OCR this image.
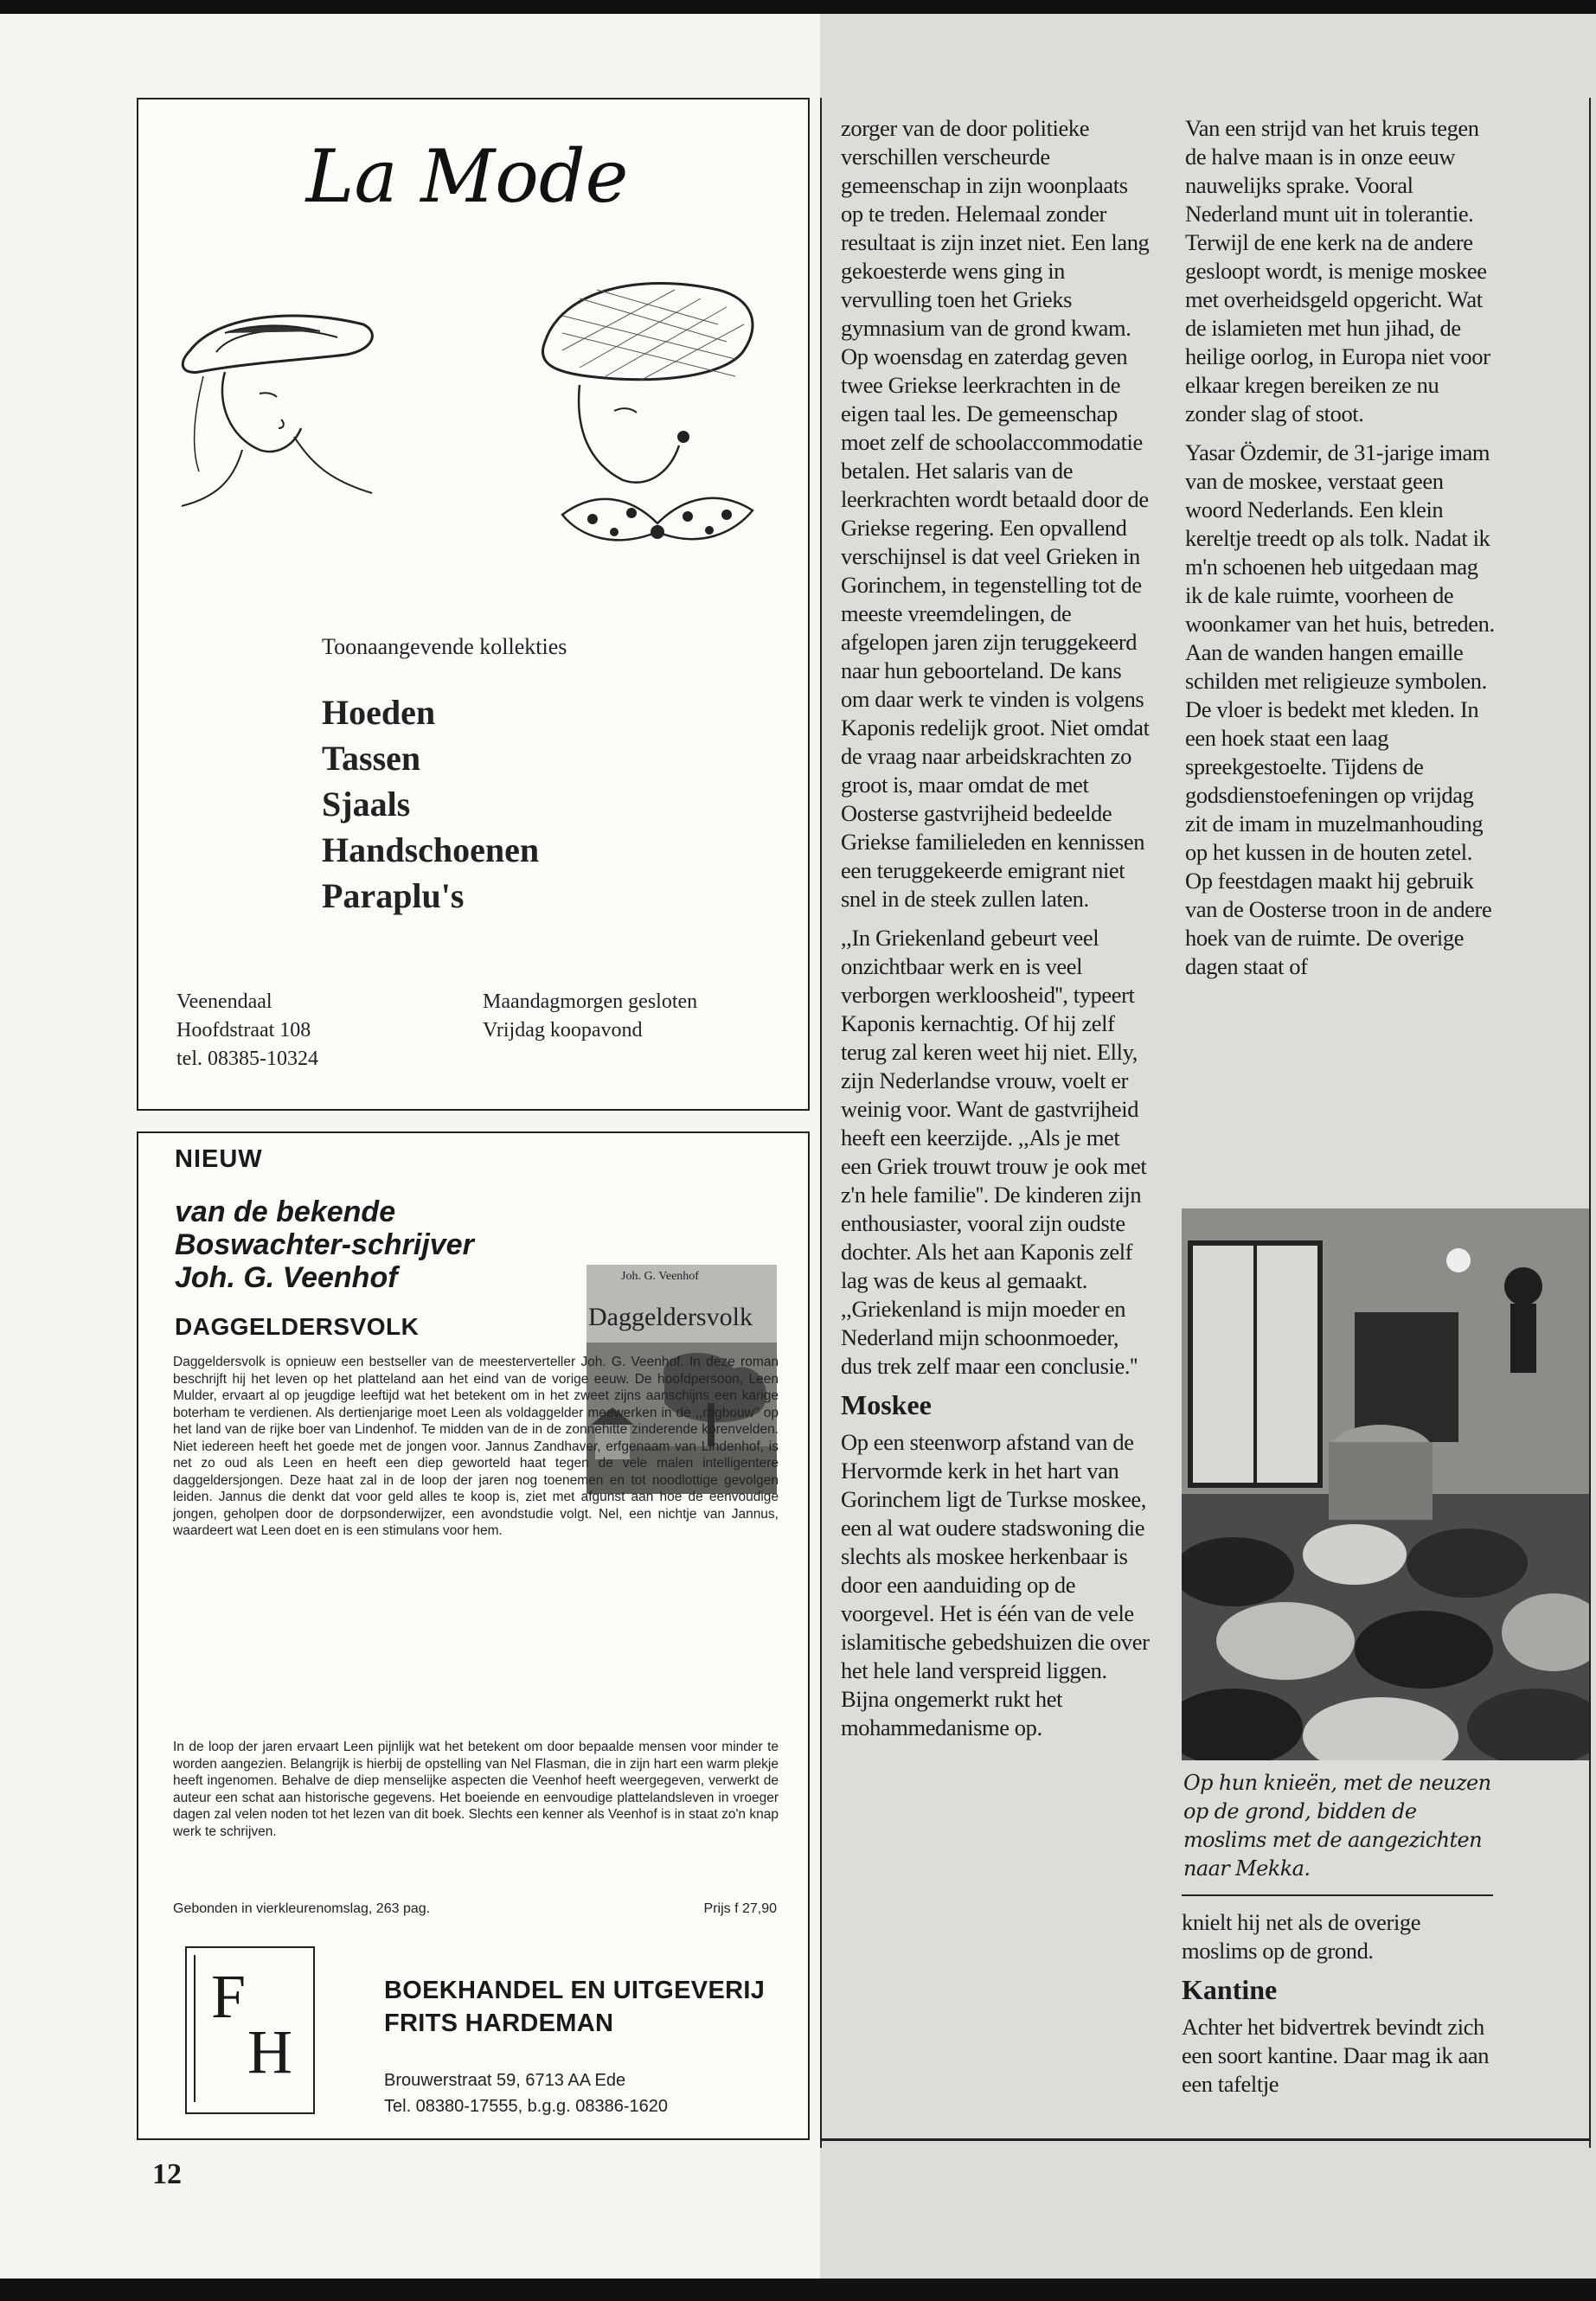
La Mode
Toonaangevende kollekties
Hoeden
Tassen
Sjaals
Handschoenen
Paraplu's
Veenendaal
Hoofdstraat 108
tel. 08385-10324
Maandagmorgen gesloten
Vrijdag koopavond
NIEUW
van de bekende
Boswachter-schrijver
Joh. G. Veenhof
DAGGELDERSVOLK
Joh. G. Veenhof
Daggeldersvolk
Daggeldersvolk is opnieuw een bestseller van de meesterverteller Joh. G. Veenhof. In deze roman beschrijft hij het leven op het platteland aan het eind van de vorige eeuw. De hoofdpersoon, Leen Mulder, ervaart al op jeugdige leeftijd wat het betekent om in het zweet zijns aanschijns een karige boterham te verdienen. Als dertienjarige moet Leen als voldaggelder meewerken in de ,,rogbouw'' op het land van de rijke boer van Lindenhof. Te midden van de in de zonnehitte zinderende korenvelden. Niet iedereen heeft het goede met de jongen voor. Jannus Zandhaver, erfgenaam van Lindenhof, is net zo oud als Leen en heeft een diep geworteld haat tegen de vele malen intelligentere daggeldersjongen. Deze haat zal in de loop der jaren nog toenemen en tot noodlottige gevolgen leiden. Jannus die denkt dat voor geld alles te koop is, ziet met afgunst aan hoe de eenvoudige jongen, geholpen door de dorpsonderwijzer, een avondstudie volgt. Nel, een nichtje van Jannus, waardeert wat Leen doet en is een stimulans voor hem.
In de loop der jaren ervaart Leen pijnlijk wat het betekent om door bepaalde mensen voor minder te worden aangezien. Belangrijk is hierbij de opstelling van Nel Flasman, die in zijn hart een warm plekje heeft ingenomen. Behalve de diep menselijke aspecten die Veenhof heeft weergegeven, verwerkt de auteur een schat aan historische gegevens. Het boeiende en eenvoudige plattelandsleven in vroeger dagen zal velen noden tot het lezen van dit boek. Slechts een kenner als Veenhof is in staat zo'n knap werk te schrijven.
Gebonden in vierkleurenomslag, 263 pag.	Prijs f 27,90
F
H
BOEKHANDEL EN UITGEVERIJ
FRITS HARDEMAN
Brouwerstraat 59, 6713 AA Ede
Tel. 08380-17555, b.g.g. 08386-1620

zorger van de door politieke verschillen verscheurde gemeenschap in zijn woonplaats op te treden. Helemaal zonder resultaat is zijn inzet niet. Een lang gekoesterde wens ging in vervulling toen het Grieks gymnasium van de grond kwam. Op woensdag en zaterdag geven twee Griekse leerkrachten in de eigen taal les. De gemeenschap moet zelf de schoolaccommodatie betalen. Het salaris van de leerkrachten wordt betaald door de Griekse regering. Een opvallend verschijnsel is dat veel Grieken in Gorinchem, in tegenstelling tot de meeste vreemdelingen, de afgelopen jaren zijn teruggekeerd naar hun geboorteland. De kans om daar werk te vinden is volgens Kaponis redelijk groot. Niet omdat de vraag naar arbeidskrachten zo groot is, maar omdat de met Oosterse gastvrijheid bedeelde Griekse familieleden en kennissen een teruggekeerde emigrant niet snel in de steek zullen laten.

,,In Griekenland gebeurt veel onzichtbaar werk en is veel verborgen werkloosheid'', typeert Kaponis kernachtig. Of hij zelf terug zal keren weet hij niet. Elly, zijn Nederlandse vrouw, voelt er weinig voor. Want de gastvrijheid heeft een keerzijde. ,,Als je met een Griek trouwt trouw je ook met z'n hele familie''. De kinderen zijn enthousiaster, vooral zijn oudste dochter. Als het aan Kaponis zelf lag was de keus al gemaakt. ,,Griekenland is mijn moeder en Nederland mijn schoonmoeder, dus trek zelf maar een conclusie.''

Moskee

Op een steenworp afstand van de Hervormde kerk in het hart van Gorinchem ligt de Turkse moskee, een al wat oudere stadswoning die slechts als moskee herkenbaar is door een aanduiding op de voorgevel. Het is één van de vele islamitische gebedshuizen die over het hele land verspreid liggen. Bijna ongemerkt rukt het mohammedanisme op.

Van een strijd van het kruis tegen de halve maan is in onze eeuw nauwelijks sprake. Vooral Nederland munt uit in tolerantie. Terwijl de ene kerk na de andere gesloopt wordt, is menige moskee met overheidsgeld opgericht. Wat de islamieten met hun jihad, de heilige oorlog, in Europa niet voor elkaar kregen bereiken ze nu zonder slag of stoot.

Yasar Özdemir, de 31-jarige imam van de moskee, verstaat geen woord Nederlands. Een klein kereltje treedt op als tolk. Nadat ik m'n schoenen heb uitgedaan mag ik de kale ruimte, voorheen de woonkamer van het huis, betreden. Aan de wanden hangen emaille schilden met religieuze symbolen. De vloer is bedekt met kleden. In een hoek staat een laag spreekgestoelte. Tijdens de godsdienstoefeningen op vrijdag zit de imam in muzelmanhouding op het kussen in de houten zetel. Op feestdagen maakt hij gebruik van de Oosterse troon in de andere hoek van de ruimte. De overige dagen staat of

Op hun knieën, met de neuzen op de grond, bidden de moslims met de aangezichten naar Mekka.

knielt hij net als de overige moslims op de grond.

Kantine

Achter het bidvertrek bevindt zich een soort kantine. Daar mag ik aan een tafeltje

12
